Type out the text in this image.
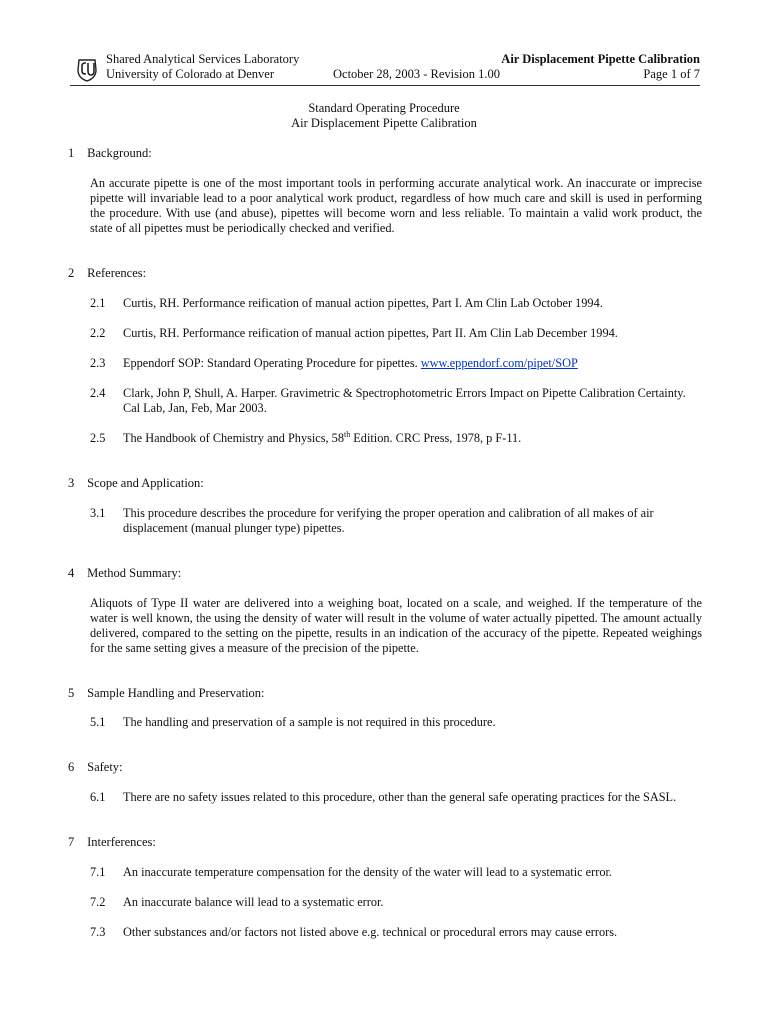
Shared Analytical Services Laboratory
University of Colorado at Denver	October 28, 2003 - Revision 1.00
Air Displacement Pipette Calibration
Page 1 of 7
Standard Operating Procedure
Air Displacement Pipette Calibration
1 Background:
An accurate pipette is one of the most important tools in performing accurate analytical work. An inaccurate or imprecise pipette will invariable lead to a poor analytical work product, regardless of how much care and skill is used in performing the procedure. With use (and abuse), pipettes will become worn and less reliable. To maintain a valid work product, the state of all pipettes must be periodically checked and verified.
2 References:
2.1 Curtis, RH. Performance reification of manual action pipettes, Part I. Am Clin Lab October 1994.
2.2 Curtis, RH. Performance reification of manual action pipettes, Part II. Am Clin Lab December 1994.
2.3 Eppendorf SOP: Standard Operating Procedure for pipettes. www.eppendorf.com/pipet/SOP
2.4 Clark, John P, Shull, A. Harper. Gravimetric & Spectrophotometric Errors Impact on Pipette Calibration Certainty. Cal Lab, Jan, Feb, Mar 2003.
2.5 The Handbook of Chemistry and Physics, 58th Edition. CRC Press, 1978, p F-11.
3 Scope and Application:
3.1 This procedure describes the procedure for verifying the proper operation and calibration of all makes of air displacement (manual plunger type) pipettes.
4 Method Summary:
Aliquots of Type II water are delivered into a weighing boat, located on a scale, and weighed. If the temperature of the water is well known, the using the density of water will result in the volume of water actually pipetted. The amount actually delivered, compared to the setting on the pipette, results in an indication of the accuracy of the pipette. Repeated weighings for the same setting gives a measure of the precision of the pipette.
5 Sample Handling and Preservation:
5.1 The handling and preservation of a sample is not required in this procedure.
6 Safety:
6.1 There are no safety issues related to this procedure, other than the general safe operating practices for the SASL.
7 Interferences:
7.1 An inaccurate temperature compensation for the density of the water will lead to a systematic error.
7.2 An inaccurate balance will lead to a systematic error.
7.3 Other substances and/or factors not listed above e.g. technical or procedural errors may cause errors.
